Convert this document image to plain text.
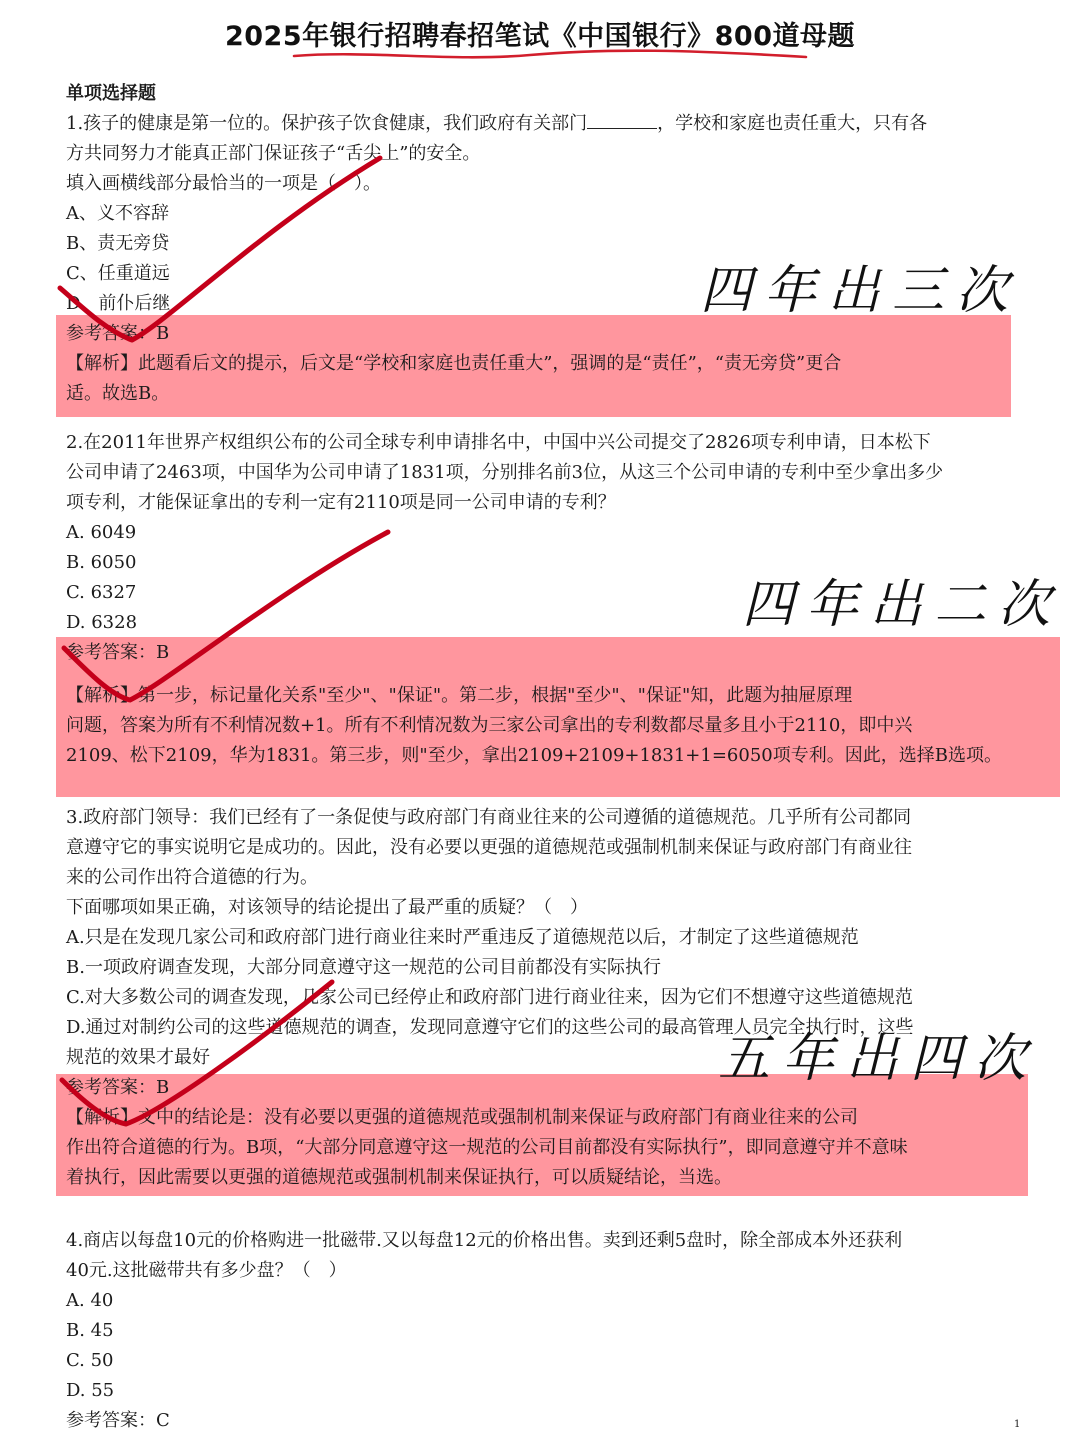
2025年银行招聘春招笔试《中国银行》800道母题
单项选择题
1.孩子的健康是第一位的。保护孩子饮食健康，我们政府有关部门	，学校和家庭也责任重大，只有各
方共同努力才能真正部门保证孩子“舌尖上”的安全。
填入画横线部分最恰当的一项是（　）。
A、义不容辞
B、责无旁贷
C、任重道远
D、前仆后继
参考答案：B
【解析】此题看后文的提示，后文是“学校和家庭也责任重大”，强调的是“责任”，“责无旁贷”更合
适。故选B。
2.在2011年世界产权组织公布的公司全球专利申请排名中，中国中兴公司提交了2826项专利申请，日本松下
公司申请了2463项，中国华为公司申请了1831项，分别排名前3位，从这三个公司申请的专利中至少拿出多少
项专利，才能保证拿出的专利一定有2110项是同一公司申请的专利？
A. 6049
B. 6050
C. 6327
D. 6328
参考答案：B
【解析】第一步，标记量化关系"至少"、"保证"。第二步，根据"至少"、"保证"知，此题为抽屉原理
问题，答案为所有不利情况数+1。所有不利情况数为三家公司拿出的专利数都尽量多且小于2110，即中兴
2109、松下2109，华为1831。第三步，则"至少，拿出2109+2109+1831+1=6050项专利。因此，选择B选项。
3.政府部门领导：我们已经有了一条促使与政府部门有商业往来的公司遵循的道德规范。几乎所有公司都同
意遵守它的事实说明它是成功的。因此，没有必要以更强的道德规范或强制机制来保证与政府部门有商业往
来的公司作出符合道德的行为。
下面哪项如果正确，对该领导的结论提出了最严重的质疑？（　）
A.只是在发现几家公司和政府部门进行商业往来时严重违反了道德规范以后，才制定了这些道德规范
B.一项政府调查发现，大部分同意遵守这一规范的公司目前都没有实际执行
C.对大多数公司的调查发现，几家公司已经停止和政府部门进行商业往来，因为它们不想遵守这些道德规范
D.通过对制约公司的这些道德规范的调查，发现同意遵守它们的这些公司的最高管理人员完全执行时，这些
规范的效果才最好
参考答案：B
【解析】文中的结论是：没有必要以更强的道德规范或强制机制来保证与政府部门有商业往来的公司
作出符合道德的行为。B项，“大部分同意遵守这一规范的公司目前都没有实际执行”，即同意遵守并不意味
着执行，因此需要以更强的道德规范或强制机制来保证执行，可以质疑结论，当选。
4.商店以每盘10元的价格购进一批磁带.又以每盘12元的价格出售。卖到还剩5盘时，除全部成本外还获利
40元.这批磁带共有多少盘？（　）
A. 40
B. 45
C. 50
D. 55
参考答案：C	1
四年出三次
四年出二次
五年出四次
